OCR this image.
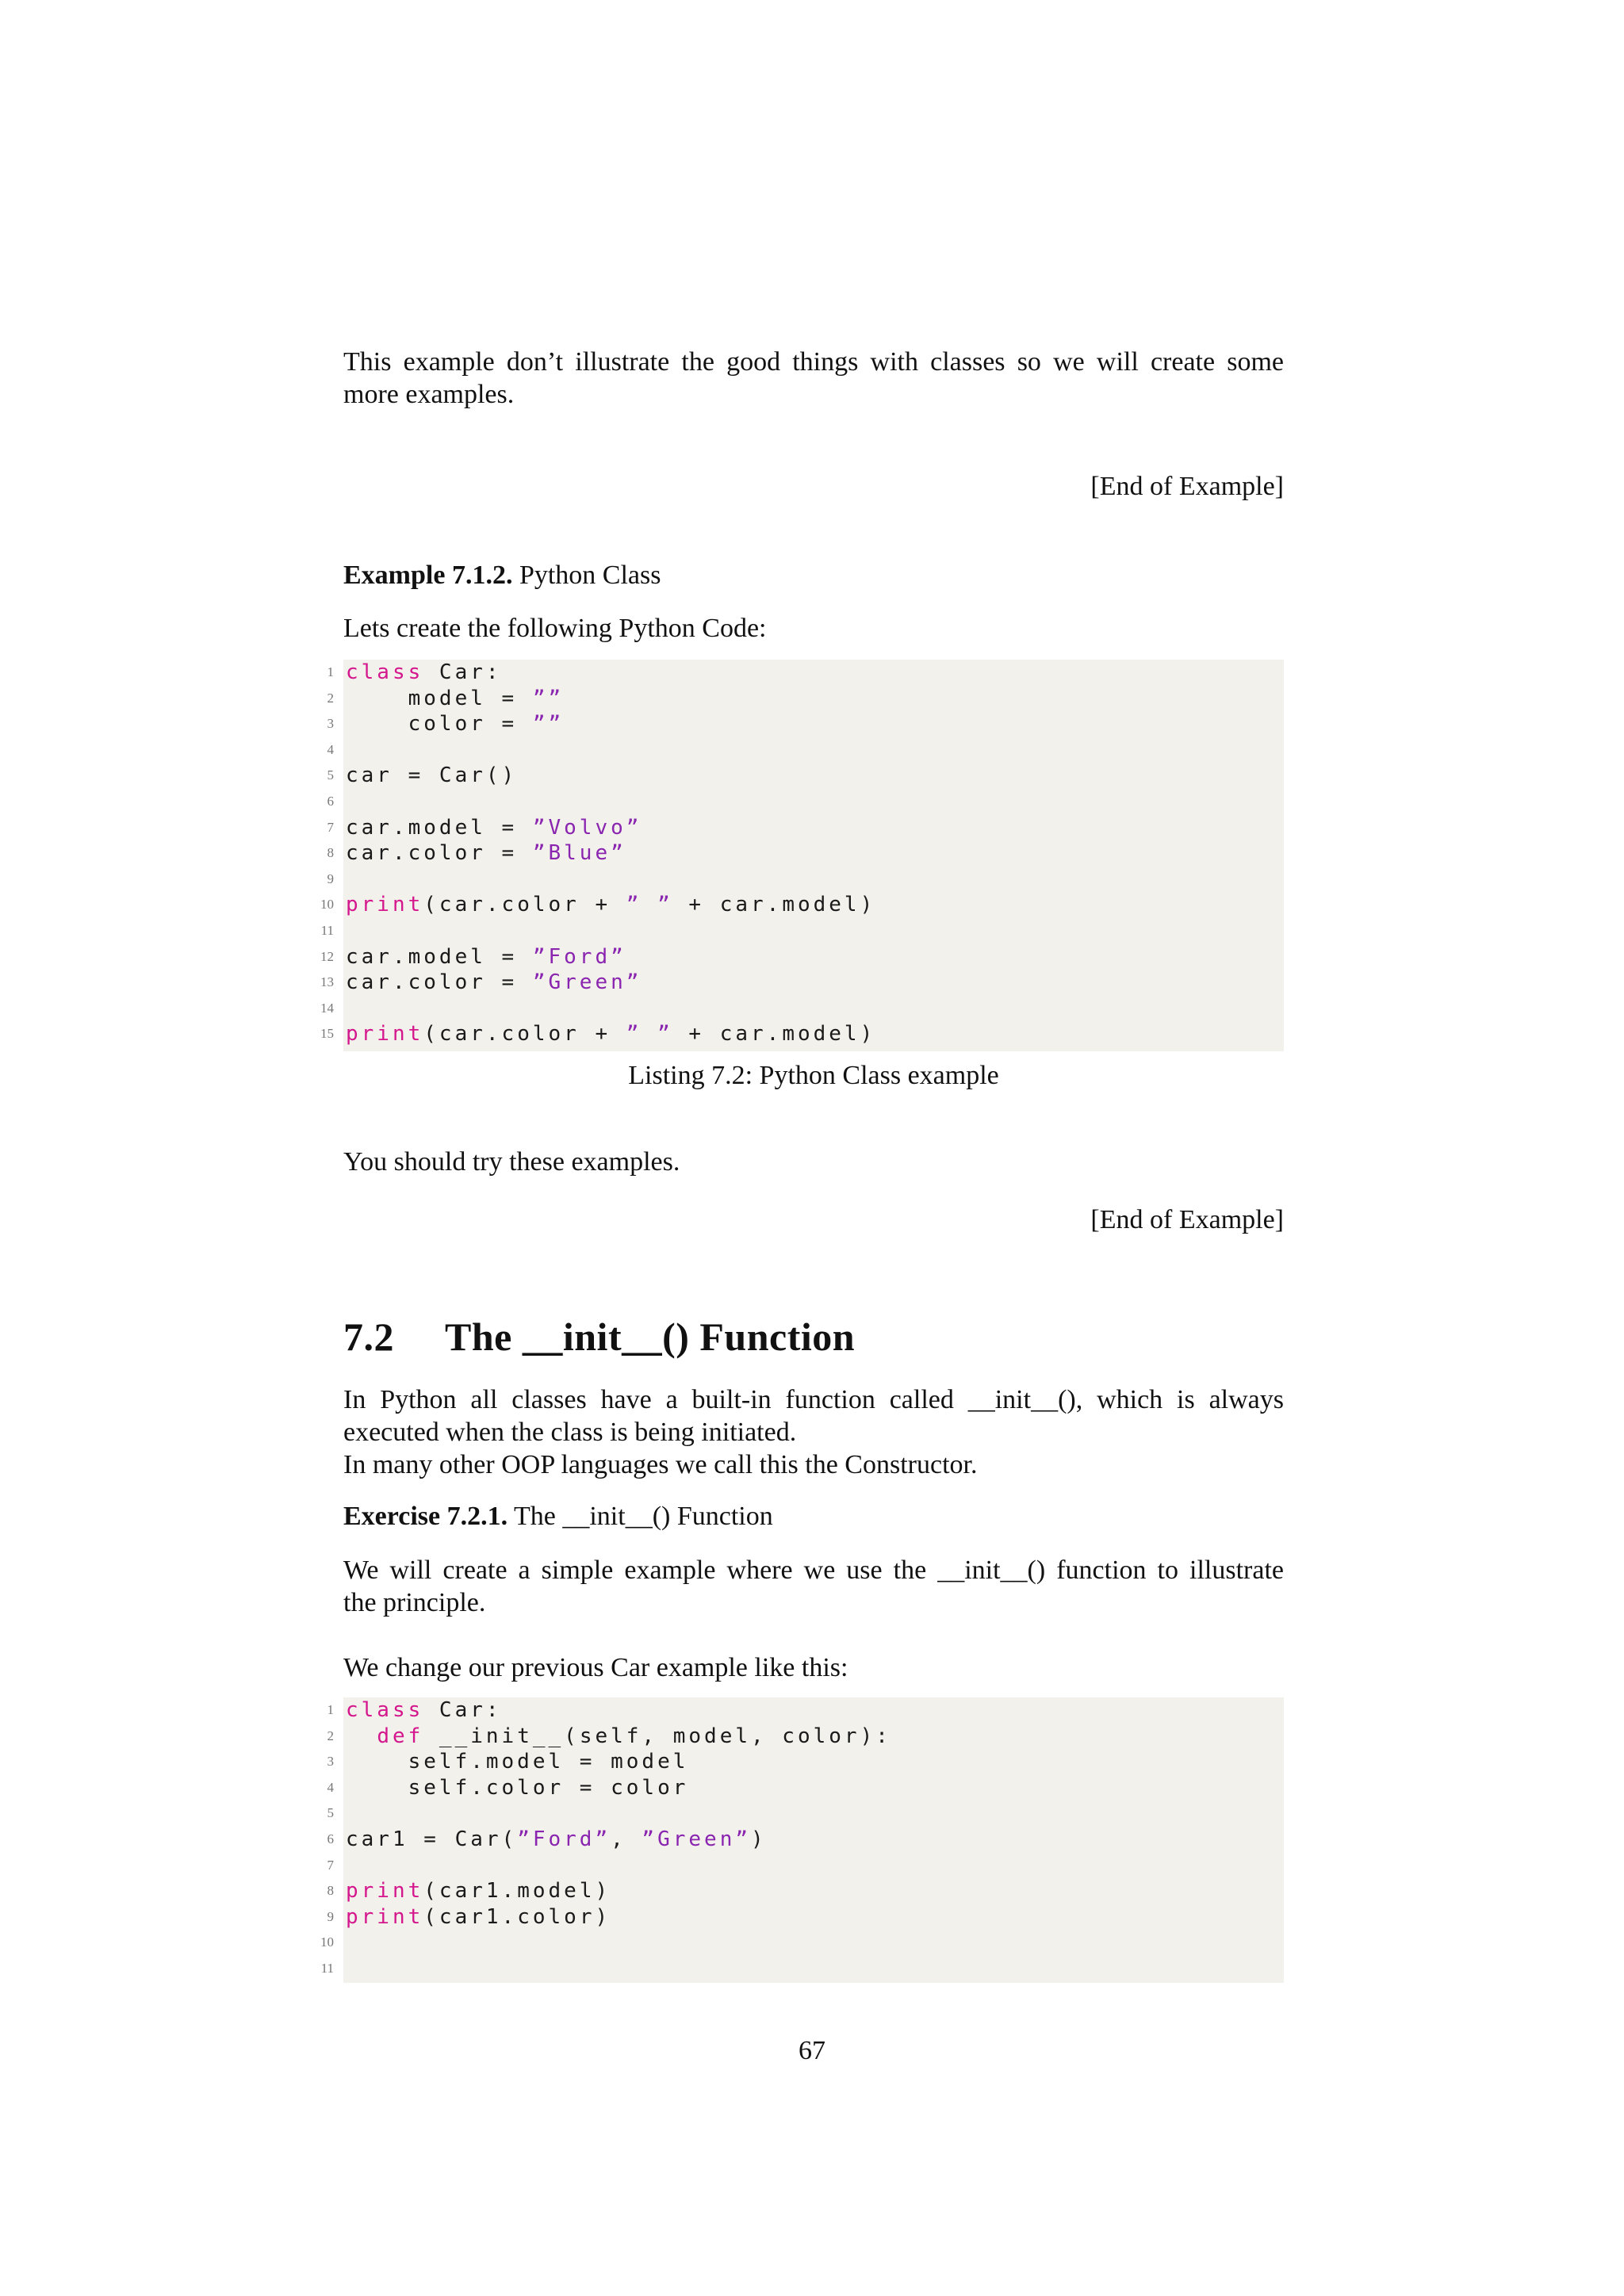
This example don’t illustrate the good things with classes so we will create some

more examples.

[End of Example]
Example 7.1.2. Python Class

Lets create the following Python Code:

1 class Car:
2 model = ””
3 color = ””
4
5 car = Car()
6
7 car.model = ”Volvo”
8 car.color = ”Blue”
9
10 print(car.color + ” ” + car.model)
11
12 car.model = ”Ford”
13 car.color = ”Green”
14
15 print(car.color + ” ” + car.model)
Listing 7.2: Python Class example

You should try these examples.

[End of Example]
7.2 The __init__() Function

In Python all classes have a built-in function called __init__(), which is always

executed when the class is being initiated.

In many other OOP languages we call this the Constructor.

Exercise 7.2.1. The __init__() Function

We will create a simple example where we use the __init__() function to illustrate

the principle.

We change our previous Car example like this:

1 class Car:
2 def __init__(self, model, color):
3 self.model = model
4 self.color = color
5
6 car1 = Car(”Ford”, ”Green”)
7
8 print(car1.model)
9 print(car1.color)
10
11
67
